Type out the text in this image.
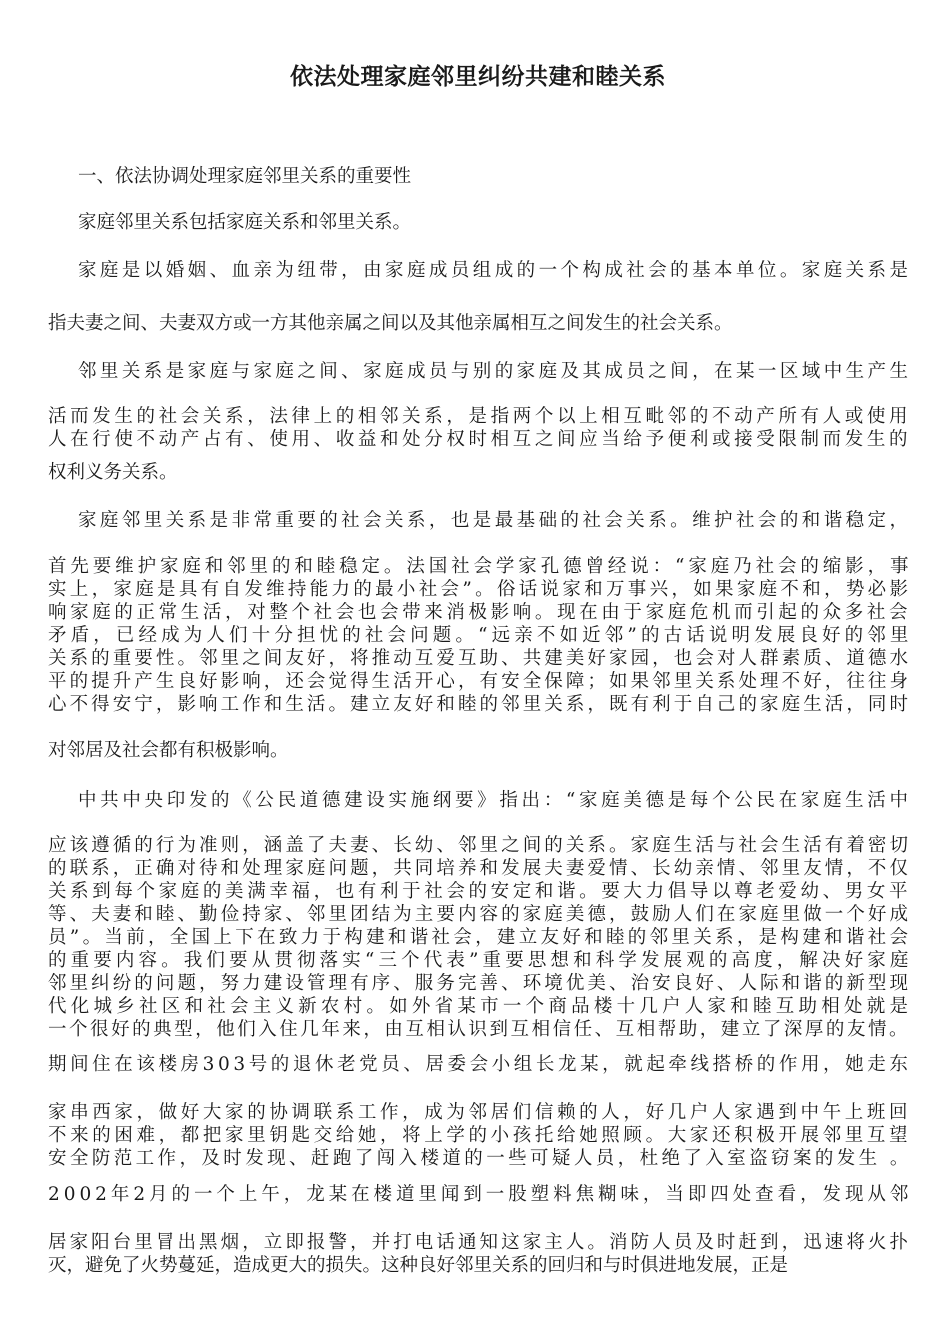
依法处理家庭邻里纠纷共建和睦关系
一、依法协调处理家庭邻里关系的重要性
家庭邻里关系包括家庭关系和邻里关系。
家庭是以婚姻、血亲为纽带，由家庭成员组成的一个构成社会的基本单位。家庭关系是
指夫妻之间、夫妻双方或一方其他亲属之间以及其他亲属相互之间发生的社会关系。
邻里关系是家庭与家庭之间、家庭成员与别的家庭及其成员之间，在某一区域中生产生
活而发生的社会关系，法律上的相邻关系，是指两个以上相互毗邻的不动产所有人或使用
人在行使不动产占有、使用、收益和处分权时相互之间应当给予便利或接受限制而发生的
权利义务关系。
家庭邻里关系是非常重要的社会关系，也是最基础的社会关系。维护社会的和谐稳定，
首先要维护家庭和邻里的和睦稳定。法国社会学家孔德曾经说：“家庭乃社会的缩影，事
实上，家庭是具有自发维持能力的最小社会”。俗话说家和万事兴，如果家庭不和，势必影
响家庭的正常生活，对整个社会也会带来消极影响。现在由于家庭危机而引起的众多社会
矛盾，已经成为人们十分担忧的社会问题。“远亲不如近邻”的古话说明发展良好的邻里
关系的重要性。邻里之间友好，将推动互爱互助、共建美好家园，也会对人群素质、道德水
平的提升产生良好影响，还会觉得生活开心，有安全保障；如果邻里关系处理不好，往往身
心不得安宁，影响工作和生活。建立友好和睦的邻里关系，既有利于自己的家庭生活，同时
对邻居及社会都有积极影响。
中共中央印发的《公民道德建设实施纲要》指出：“家庭美德是每个公民在家庭生活中
应该遵循的行为准则，涵盖了夫妻、长幼、邻里之间的关系。家庭生活与社会生活有着密切
的联系，正确对待和处理家庭问题，共同培养和发展夫妻爱情、长幼亲情、邻里友情，不仅
关系到每个家庭的美满幸福，也有利于社会的安定和谐。要大力倡导以尊老爱幼、男女平
等、夫妻和睦、勤俭持家、邻里团结为主要内容的家庭美德，鼓励人们在家庭里做一个好成
员”。当前，全国上下在致力于构建和谐社会，建立友好和睦的邻里关系，是构建和谐社会
的重要内容。我们要从贯彻落实“三个代表”重要思想和科学发展观的高度，解决好家庭
邻里纠纷的问题，努力建设管理有序、服务完善、环境优美、治安良好、人际和谐的新型现
代化城乡社区和社会主义新农村。如外省某市一个商品楼十几户人家和睦互助相处就是
一个很好的典型，他们入住几年来，由互相认识到互相信任、互相帮助，建立了深厚的友情。
期间住在该楼房303号的退休老党员、居委会小组长龙某，就起牵线搭桥的作用，她走东
家串西家，做好大家的协调联系工作，成为邻居们信赖的人，好几户人家遇到中午上班回
不来的困难，都把家里钥匙交给她，将上学的小孩托给她照顾。大家还积极开展邻里互望
安全防范工作，及时发现、赶跑了闯入楼道的一些可疑人员，杜绝了入室盗窃案的发生 。
2002年2月的一个上午，龙某在楼道里闻到一股塑料焦糊味，当即四处查看，发现从邻
居家阳台里冒出黑烟，立即报警，并打电话通知这家主人。消防人员及时赶到，迅速将火扑
灭，避免了火势蔓延，造成更大的损失。这种良好邻里关系的回归和与时俱进地发展，正是
